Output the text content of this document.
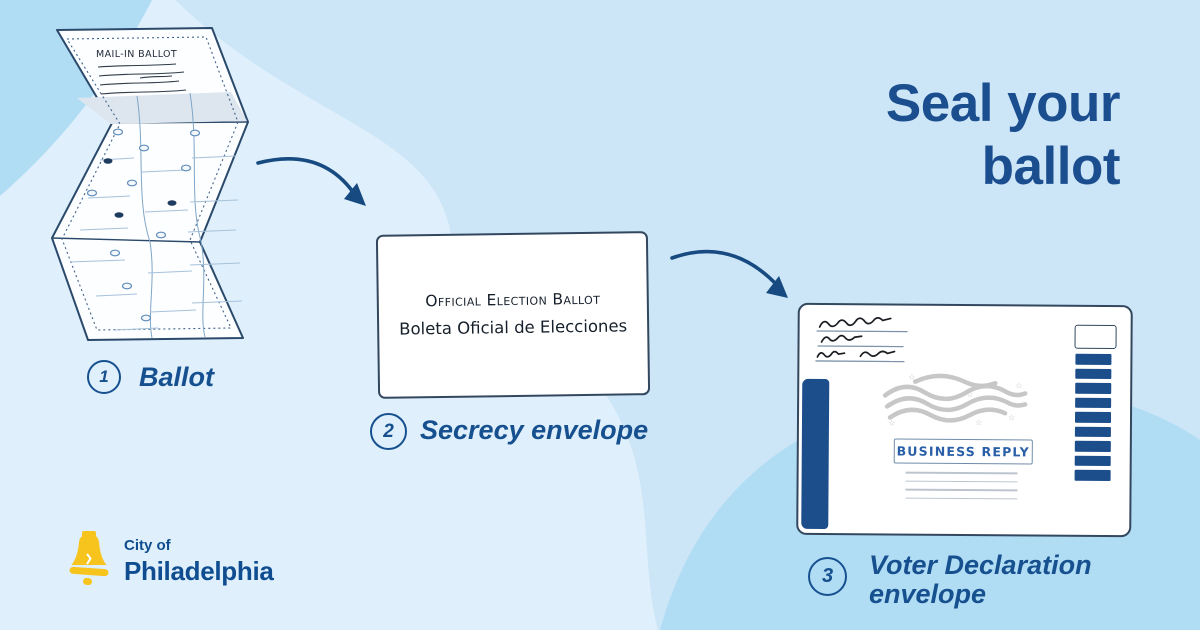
MAIL-IN BALLOT
Official Election Ballot
Boleta Oficial de Elecciones
☆
☆
☆
☆	☆
☆
BUSINESS REPLY
1 Ballot
2 Secrecy envelope
3 Voter Declaration
envelope
Seal your
ballot
City of
Philadelphia
